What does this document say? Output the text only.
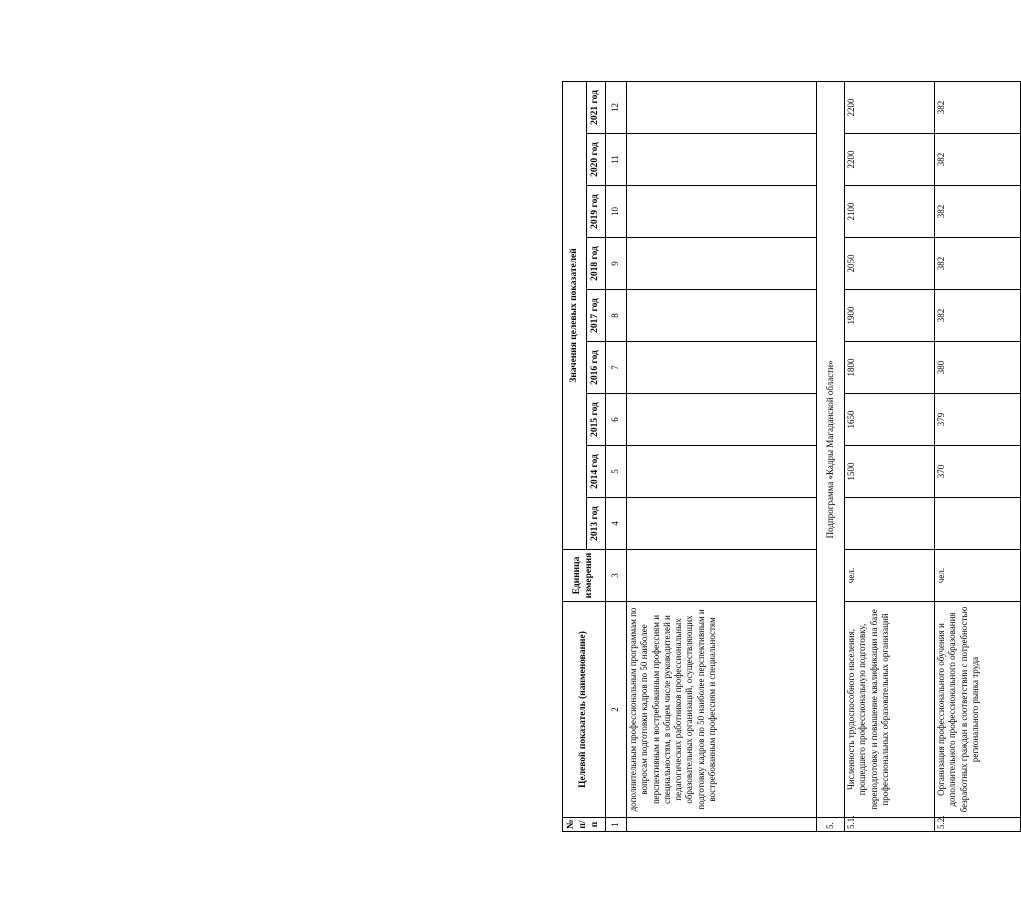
№ п/п	Целевой показатель (наименование)	Единица измерения	Значения целевых показателей								
			2013 год	2014 год	2015 год	2016 год	2017 год	2018 год	2019 год	2020 год	2021 год
1	2	3	4	5	6	7	8	9	10	11	12
	дополнительным профессиональным программам по вопросам подготовки кадров по 50 наиболее перспективным и востребованным профессиям и специальностям, в общем числе руководителей и педагогических работников профессиональных образовательных организаций, осуществляющих подготовку кадров по 50 наиболее перспективным и востребованным профессиям и специальностям										
5.	Подпрограмма «Кадры Магаданской области»										
5.1.	Численность трудоспособного населения, прошедшего профессиональную подготовку, переподготовку и повышение квалификации на базе профессиональных образовательных организаций	чел.		1500	1650	1800	1900	2050	2100	2200	2200
5.2.	Организация профессионального обучения и дополнительного профессионального образования безработных граждан в соответствии с потребностью регионального рынка труда	чел.		370	379	380	382	382	382	382	382
